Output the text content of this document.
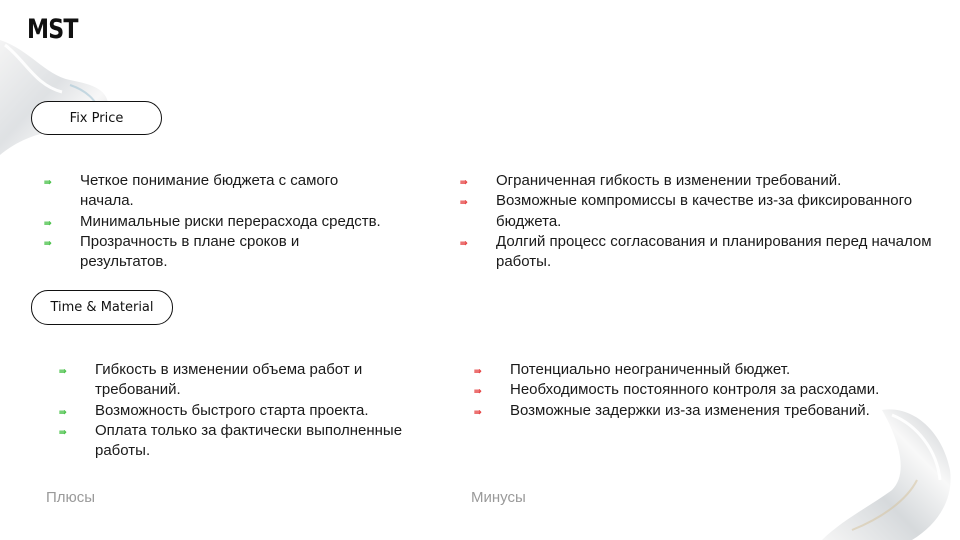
MST
Fix Price
⇛ Четкое понимание бюджета с самого начала.
⇛ Минимальные риски перерасхода средств.
⇛ Прозрачность в плане сроков и результатов.
⇛ Ограниченная гибкость в изменении требований.
⇛ Возможные компромиссы в качестве из-за фиксированного бюджета.
⇛ Долгий процесс согласования и планирования перед началом работы.
Time & Material
⇛ Гибкость в изменении объема работ и требований.
⇛ Возможность быстрого старта проекта.
⇛ Оплата только за фактически выполненные работы.
⇛ Потенциально неограниченный бюджет.
⇛ Необходимость постоянного контроля за расходами.
⇛ Возможные задержки из-за изменения требований.
Плюсы	Минусы
